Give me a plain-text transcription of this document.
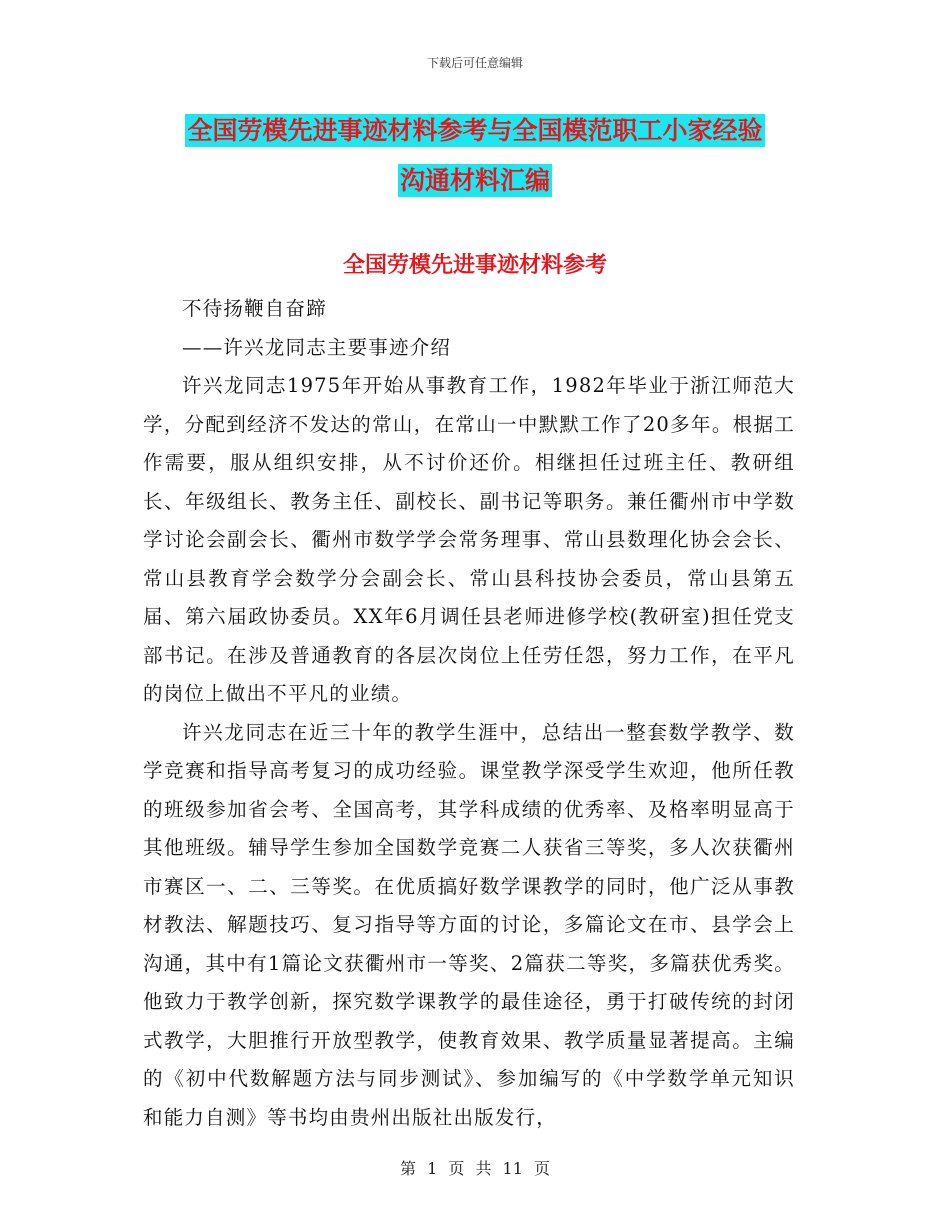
下载后可任意编辑
全国劳模先进事迹材料参考与全国模范职工小家经验
沟通材料汇编
全国劳模先进事迹材料参考

不待扬鞭自奋蹄

——许兴龙同志主要事迹介绍

许兴龙同志1975年开始从事教育工作，1982年毕业于浙江师范大学，分配到经济不发达的常山，在常山一中默默工作了20多年。根据工作需要，服从组织安排，从不讨价还价。相继担任过班主任、教研组长、年级组长、教务主任、副校长、副书记等职务。兼任衢州市中学数学讨论会副会长、衢州市数学学会常务理事、常山县数理化协会会长、常山县教育学会数学分会副会长、常山县科技协会委员，常山县第五届、第六届政协委员。XX年6月调任县老师进修学校(教研室)担任党支部书记。在涉及普通教育的各层次岗位上任劳任怨，努力工作，在平凡的岗位上做出不平凡的业绩。

许兴龙同志在近三十年的教学生涯中，总结出一整套数学教学、数学竞赛和指导高考复习的成功经验。课堂教学深受学生欢迎，他所任教的班级参加省会考、全国高考，其学科成绩的优秀率、及格率明显高于其他班级。辅导学生参加全国数学竞赛二人获省三等奖，多人次获衢州市赛区一、二、三等奖。在优质搞好数学课教学的同时，他广泛从事教材教法、解题技巧、复习指导等方面的讨论，多篇论文在市、县学会上沟通，其中有1篇论文获衢州市一等奖、2篇获二等奖，多篇获优秀奖。他致力于教学创新，探究数学课教学的最佳途径，勇于打破传统的封闭式教学，大胆推行开放型教学，使教育效果、教学质量显著提高。主编的《初中代数解题方法与同步测试》、参加编写的《中学数学单元知识和能力自测》等书均由贵州出版社出版发行，

第 1 页 共 11 页
